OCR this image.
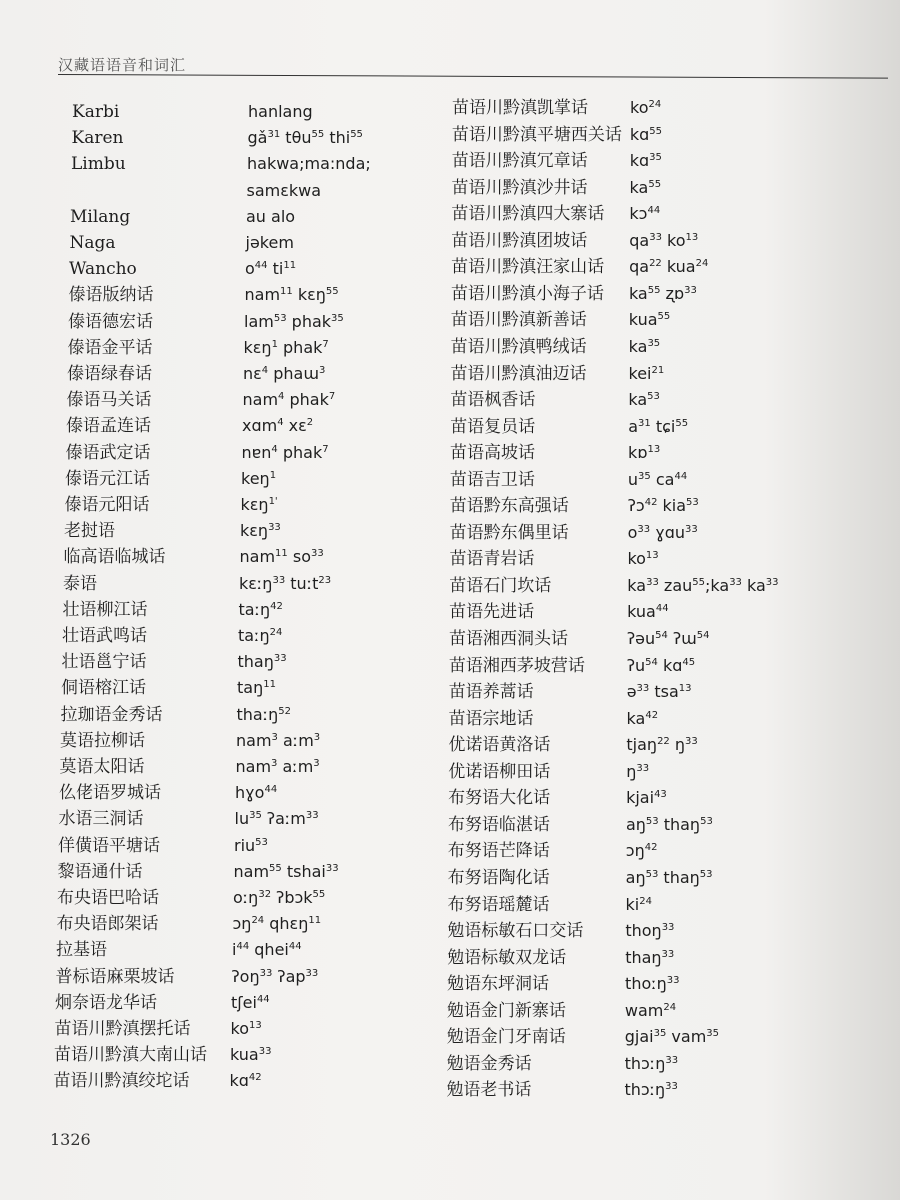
汉藏语语音和词汇
Karbi	hanlang
Karen	$gǎ^{31}$ tθu$^{55}$ thi$^{55}$
Limbu	hakwa;ma:nda;
samɛkwa
Milang	au alo
Naga	jəkem
Wancho	$o^{44}$ $ti^{11}$
傣语版纳话	nam$^{11}$ kɛŋ$^{55}$
傣语德宏话	lam$^{53}$ phak$^{35}$
傣语金平话	kɛŋ$^1$ phak$^7$
傣语绿春话	nɛ$^4$ phaɯ$^3$
傣语马关话	nam$^4$ phak$^7$
傣语孟连话	xɑm$^4$ xɛ$^2$
傣语武定话	nɐn$^4$ phak$^7$
傣语元江话	keŋ$^1$
傣语元阳话	kɛŋ$^{1'}$
老挝语	kɛŋ$^{33}$
临高语临城话	nam$^{11}$ $so^{33}$
泰语	kɛːŋ$^{33}$ tuːt$^{23}$
壮语柳江话	taːŋ$^{42}$
壮语武鸣话	taːŋ$^{24}$
壮语邕宁话	thaŋ$^{33}$
侗语榕江话	taŋ$^{11}$
拉珈语金秀话	thaːŋ$^{52}$
莫语拉柳话	nam$^3$ aːm$^3$
莫语太阳话	nam$^3$ aːm$^3$
仫佬语罗城话	hɣo$^{44}$
水语三洞话	$lu^{35}$ ʔaːm$^{33}$
佯僙语平塘话	riu$^{53}$
黎语通什话	nam$^{55}$ tshai$^{33}$
布央语巴哈话	oːŋ$^{32}$ ʔbɔk$^{55}$
布央语郎架话	ɔŋ$^{24}$ qhɛŋ$^{11}$
拉基语	$i^{44}$ qhei$^{44}$
普标语麻栗坡话	ʔoŋ$^{33}$ ʔap$^{33}$
炯奈语龙华话	tʃei$^{44}$
苗语川黔滇摆托话	$ko^{13}$
苗语川黔滇大南山话 kua$^{33}$
苗语川黔滇绞坨话	kɑ$^{42}$
苗语川黔滇凯掌话	$ko^{24}$
苗语川黔滇平塘西关话 kɑ$^{55}$
苗语川黔滇冗章话	kɑ$^{35}$
苗语川黔滇沙井话	$ka^{55}$
苗语川黔滇四大寨话 kɔ$^{44}$
苗语川黔滇团坡话	$qa^{33}$ $ko^{13}$
苗语川黔滇汪家山话 $qa^{22}$ kua$^{24}$
苗语川黔滇小海子话 $ka^{55}$ ʐɒ$^{33}$
苗语川黔滇新善话	kua$^{55}$
苗语川黔滇鸭绒话	$ka^{35}$
苗语川黔滇油迈话	kei$^{21}$
苗语枫香话	$ka^{53}$
苗语复员话	$a^{31}$ tɕi$^{55}$
苗语高坡话	kɒ$^{13}$
苗语吉卫话	$u^{35}$ $ca^{44}$
苗语黔东高强话	ʔɔ$^{42}$ kia$^{53}$
苗语黔东偶里话	$o^{33}$ ɣɑu$^{33}$
苗语青岩话	$ko^{13}$
苗语石门坎话	$ka^{33}$ $zau^{55};ka^{33}$ $ka^{33}$
苗语先进话	kua$^{44}$
苗语湘西洞头话	ʔəu$^{54}$ ʔɯ$^{54}$
苗语湘西茅坡营话	ʔu$^{54}$ kɑ$^{45}$
苗语养蒿话	ə$^{33}$ tsa$^{13}$
苗语宗地话	$ka^{42}$
优诺语黄洛话	tjaŋ$^{22}$ $ŋ^{33}$
优诺语柳田话	$ŋ^{33}$
布努语大化话	kjai$^{43}$
布努语临湛话	$aŋ^{53}$ thaŋ$^{53}$
布努语芒降话	ɔŋ$^{42}$
布努语陶化话	$aŋ^{53}$ thaŋ$^{53}$
布努语瑶麓话	$ki^{24}$
勉语标敏石口交话	thoŋ$^{33}$
勉语标敏双龙话	thaŋ$^{33}$
勉语东坪洞话	thoːŋ$^{33}$
勉语金门新寨话	wam$^{24}$
勉语金门牙南话	gjai$^{35}$ vam$^{35}$
勉语金秀话	thɔːŋ$^{33}$
勉语老书话	thɔːŋ$^{33}$
1326
